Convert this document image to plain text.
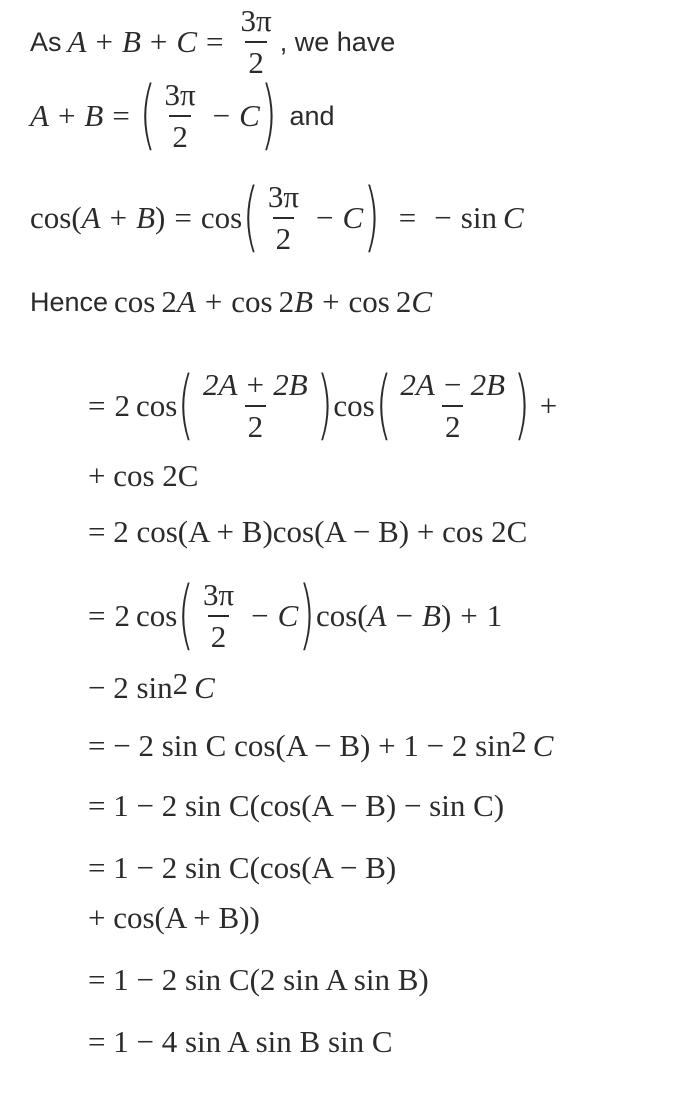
As $A + B + C = \frac{3\pi}{2}$ , we have
A + B = ( $\frac{3\pi}{2} - C$ ) and
cos ( A + B ) = cos ( $\frac{3\pi}{2} - C$ ) = − sin C
Hence cos 2 A + cos 2 B + cos 2 C
= 2 cos ( $\frac{2A + 2B}{2}$ ) cos ( $\frac{2A - 2B}{2}$ ) +
+ cos 2C
= 2 cos(A + B)cos(A − B) + cos 2C
= 2 cos ( $\frac{3\pi}{2} - C$ ) cos ( A − B ) + 1
− 2 $\sin^2 C$
= − 2 sin C cos(A − B) + 1 − 2 $\sin^2 C$
= 1 − 2 sin C(cos(A − B) − sin C)
= 1 − 2 sin C(cos(A − B)
+ cos(A + B))
= 1 − 2 sin C(2 sin A sin B)
= 1 − 4 sin A sin B sin C
